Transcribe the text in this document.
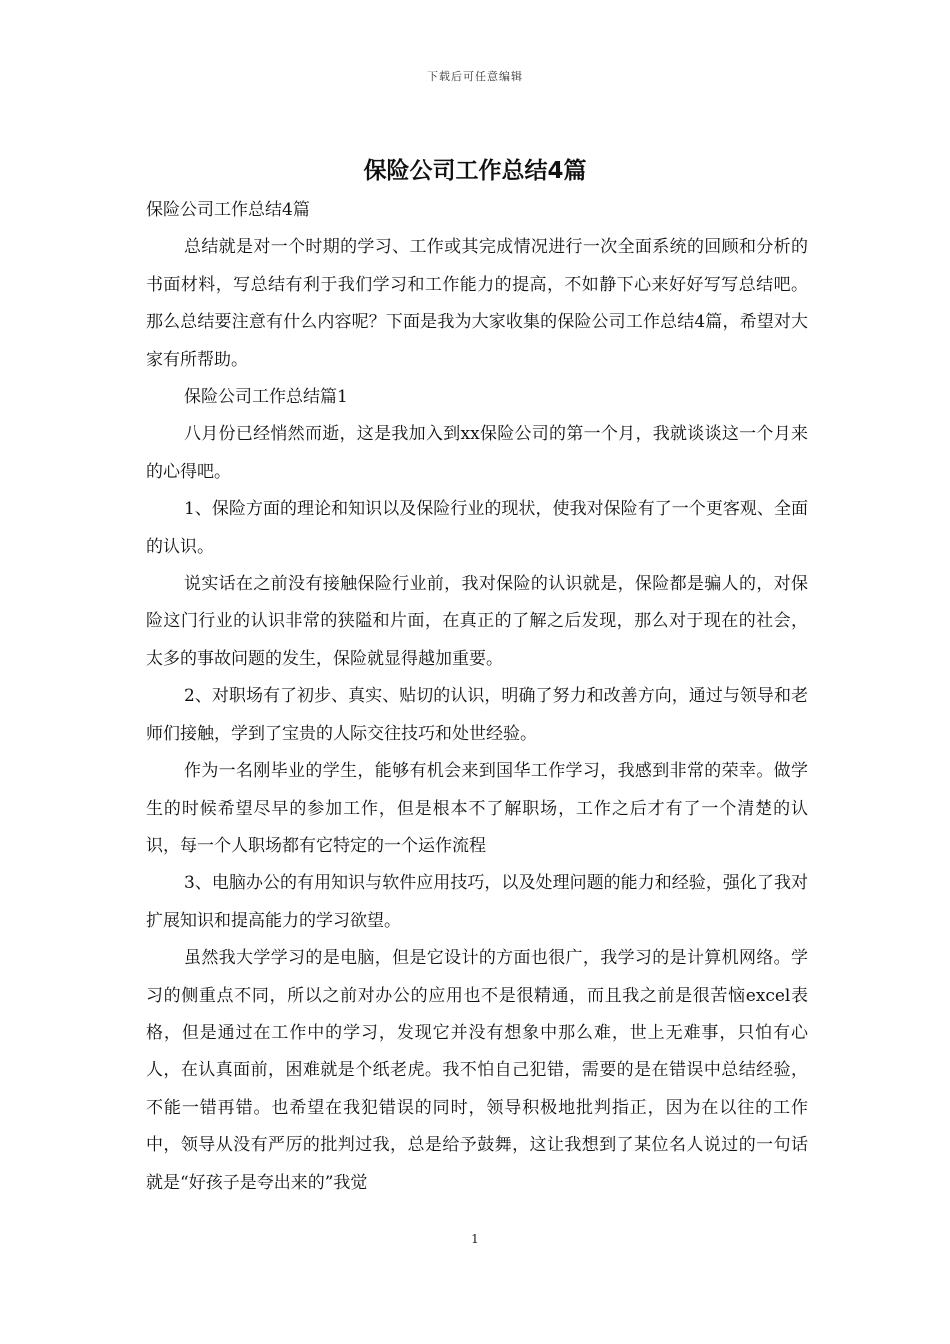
下载后可任意编辑
保险公司工作总结4篇

保险公司工作总结4篇

总结就是对一个时期的学习、工作或其完成情况进行一次全面系统的回顾和分析的书面材料，写总结有利于我们学习和工作能力的提高，不如静下心来好好写写总结吧。那么总结要注意有什么内容呢？下面是我为大家收集的保险公司工作总结4篇，希望对大家有所帮助。

保险公司工作总结篇1

八月份已经悄然而逝，这是我加入到xx保险公司的第一个月，我就谈谈这一个月来的心得吧。

1、保险方面的理论和知识以及保险行业的现状，使我对保险有了一个更客观、全面的认识。

说实话在之前没有接触保险行业前，我对保险的认识就是，保险都是骗人的，对保险这门行业的认识非常的狭隘和片面，在真正的了解之后发现，那么对于现在的社会，太多的事故问题的发生，保险就显得越加重要。

2、对职场有了初步、真实、贴切的认识，明确了努力和改善方向，通过与领导和老师们接触，学到了宝贵的人际交往技巧和处世经验。

作为一名刚毕业的学生，能够有机会来到国华工作学习，我感到非常的荣幸。做学生的时候希望尽早的参加工作，但是根本不了解职场，工作之后才有了一个清楚的认识，每一个人职场都有它特定的一个运作流程

3、电脑办公的有用知识与软件应用技巧，以及处理问题的能力和经验，强化了我对扩展知识和提高能力的学习欲望。

虽然我大学学习的是电脑，但是它设计的方面也很广，我学习的是计算机网络。学习的侧重点不同，所以之前对办公的应用也不是很精通，而且我之前是很苦恼excel表格，但是通过在工作中的学习，发现它并没有想象中那么难，世上无难事，只怕有心人，在认真面前，困难就是个纸老虎。我不怕自己犯错，需要的是在错误中总结经验，不能一错再错。也希望在我犯错误的同时，领导积极地批判指正，因为在以往的工作中，领导从没有严厉的批判过我，总是给予鼓舞，这让我想到了某位名人说过的一句话就是“好孩子是夸出来的”我觉

1
